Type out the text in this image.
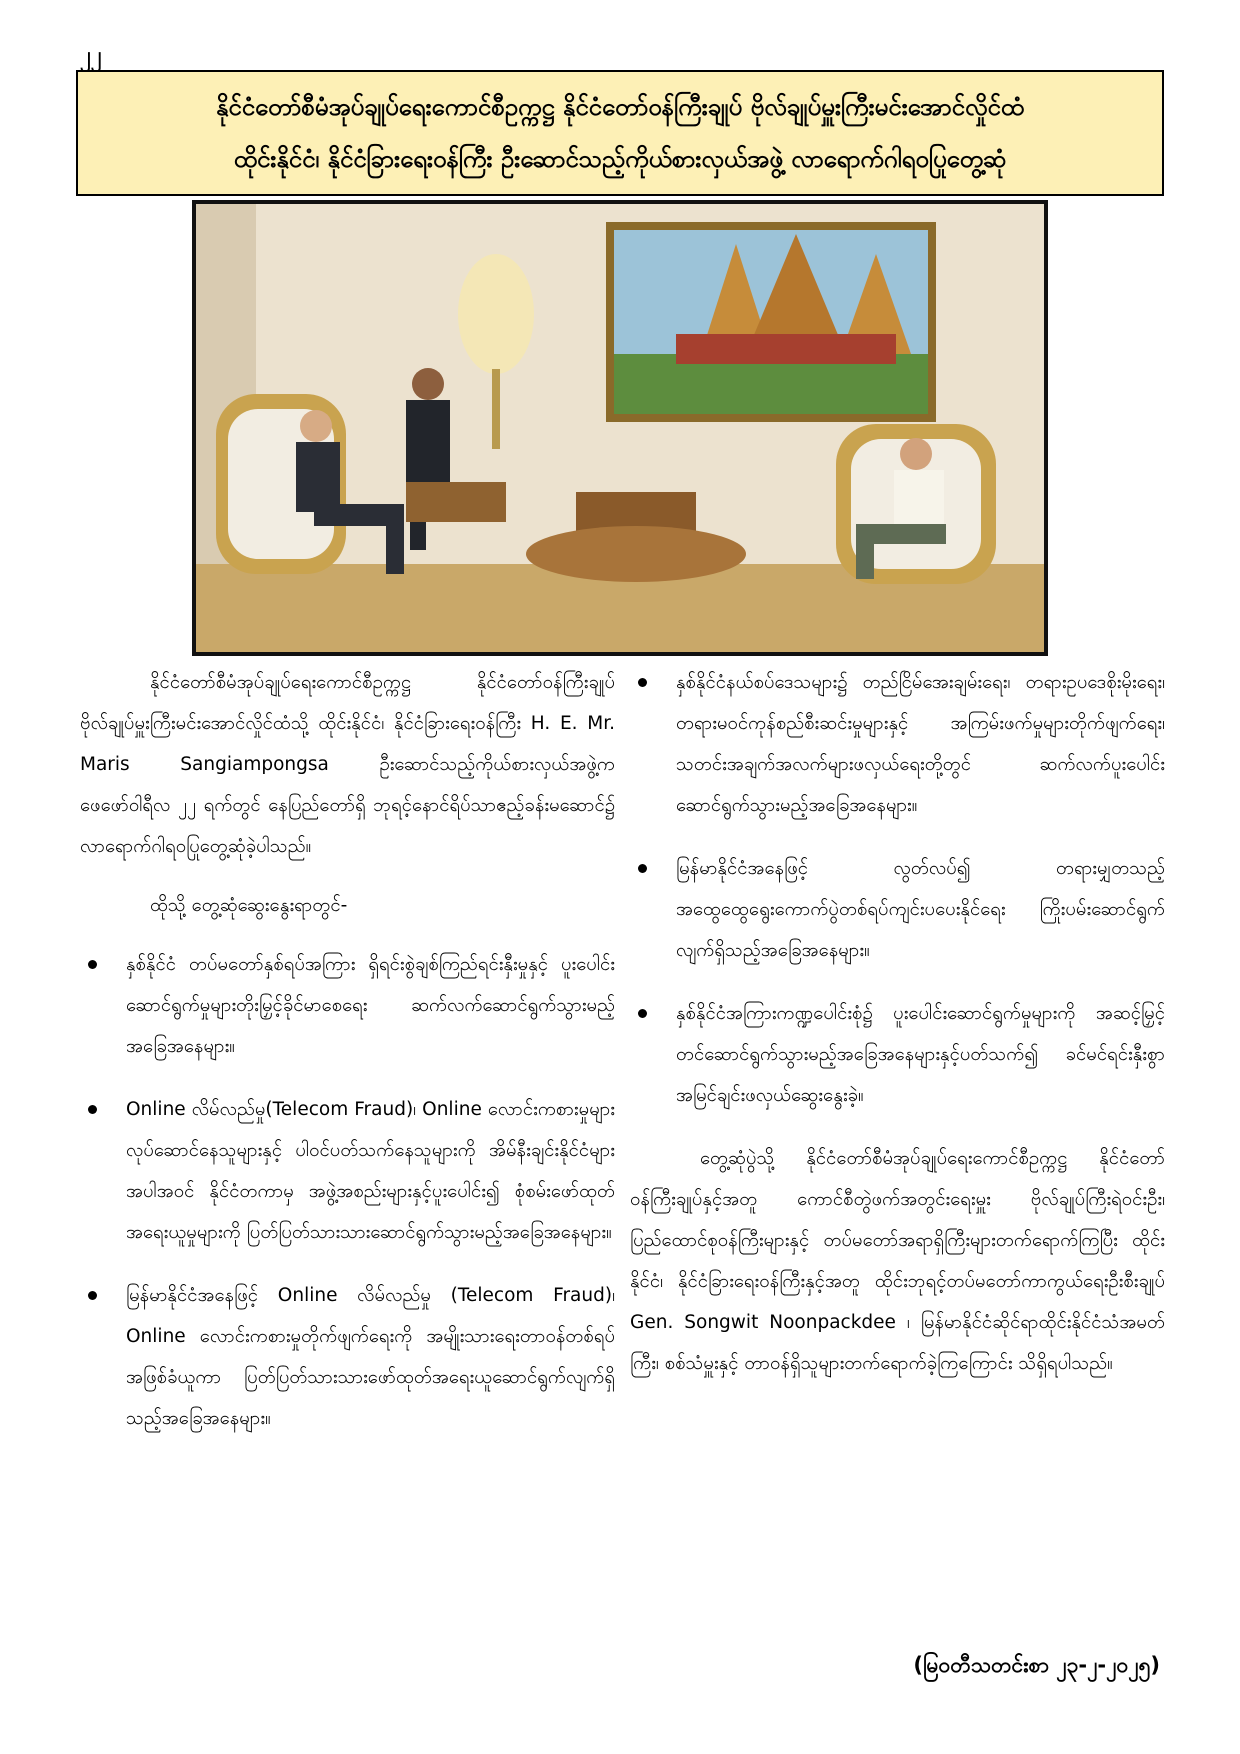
၂၂
နိုင်ငံတော်စီမံအုပ်ချုပ်ရေးကောင်စီဥက္ကဋ္ဌ နိုင်ငံတော်ဝန်ကြီးချုပ် ဗိုလ်ချုပ်မှူးကြီးမင်းအောင်လှိုင်ထံ
ထိုင်းနိုင်ငံ၊ နိုင်ငံခြားရေးဝန်ကြီး ဦးဆောင်သည့်ကိုယ်စားလှယ်အဖွဲ့ လာရောက်ဂါရဝပြုတွေ့ဆုံ

နိုင်ငံတော်စီမံအုပ်ချုပ်ရေးကောင်စီဥက္ကဋ္ဌ နိုင်ငံတော်ဝန်ကြီးချုပ် ဗိုလ်ချုပ်မှူးကြီးမင်းအောင်လှိုင်ထံသို့ ထိုင်းနိုင်ငံ၊ နိုင်ငံခြားရေးဝန်ကြီး H. E. Mr. Maris Sangiampongsa ဦးဆောင်သည့်ကိုယ်စားလှယ်အဖွဲ့က ဖေဖော်ဝါရီလ ၂၂ ရက်တွင် နေပြည်တော်ရှိ ဘုရင့်နောင်ရိပ်သာဧည့်ခန်းမဆောင်၌ လာရောက်ဂါရဝပြုတွေ့ဆုံခဲ့ပါသည်။

ထိုသို့ တွေ့ဆုံဆွေးနွေးရာတွင်-

နှစ်နိုင်ငံ တပ်မတော်နှစ်ရပ်အကြား ရှိရင်းစွဲချစ်ကြည်ရင်းနှီးမှုနှင့် ပူးပေါင်းဆောင်ရွက်မှုများတိုးမြှင့်ခိုင်မာစေရေး ဆက်လက်ဆောင်ရွက်သွားမည့်အခြေအနေများ။
Online လိမ်လည်မှု(Telecom Fraud)၊ Online လောင်းကစားမှုများလုပ်ဆောင်နေသူများနှင့် ပါဝင်ပတ်သက်နေသူများကို အိမ်နီးချင်းနိုင်ငံများအပါအဝင် နိုင်ငံတကာမှ အဖွဲ့အစည်းများနှင့်ပူးပေါင်း၍ စုံစမ်းဖော်ထုတ်အရေးယူမှုများကို ပြတ်ပြတ်သားသားဆောင်ရွက်သွားမည့်အခြေအနေများ။
မြန်မာနိုင်ငံအနေဖြင့် Online လိမ်လည်မှု (Telecom Fraud)၊ Online လောင်းကစားမှုတိုက်ဖျက်ရေးကို အမျိုးသားရေးတာဝန်တစ်ရပ်အဖြစ်ခံယူကာ ပြတ်ပြတ်သားသားဖော်ထုတ်အရေးယူဆောင်ရွက်လျက်ရှိသည့်အခြေအနေများ။
နှစ်နိုင်ငံနယ်စပ်ဒေသများ၌ တည်ငြိမ်အေးချမ်းရေး၊ တရားဥပဒေစိုးမိုးရေး၊ တရားမဝင်ကုန်စည်စီးဆင်းမှုများနှင့် အကြမ်းဖက်မှုများတိုက်ဖျက်ရေး၊ သတင်းအချက်အလက်များဖလှယ်ရေးတို့တွင် ဆက်လက်ပူးပေါင်းဆောင်ရွက်သွားမည့်အခြေအနေများ။
မြန်မာနိုင်ငံအနေဖြင့် လွတ်လပ်၍ တရားမျှတသည့် အထွေထွေရွေးကောက်ပွဲတစ်ရပ်ကျင်းပပေးနိုင်ရေး ကြိုးပမ်းဆောင်ရွက်လျက်ရှိသည့်အခြေအနေများ။
နှစ်နိုင်ငံအကြားကဏ္ဍပေါင်းစုံ၌ ပူးပေါင်းဆောင်ရွက်မှုများကို အဆင့်မြှင့်တင်ဆောင်ရွက်သွားမည့်အခြေအနေများနှင့်ပတ်သက်၍ ခင်မင်ရင်းနှီးစွာအမြင်ချင်းဖလှယ်ဆွေးနွေးခဲ့။

တွေ့ဆုံပွဲသို့ နိုင်ငံတော်စီမံအုပ်ချုပ်ရေးကောင်စီဥက္ကဋ္ဌ နိုင်ငံတော်ဝန်ကြီးချုပ်နှင့်အတူ ကောင်စီတွဲဖက်အတွင်းရေးမှူး ဗိုလ်ချုပ်ကြီးရဲဝင်းဦး၊ ပြည်ထောင်စုဝန်ကြီးများနှင့် တပ်မတော်အရာရှိကြီးများတက်ရောက်ကြပြီး ထိုင်းနိုင်ငံ၊ နိုင်ငံခြားရေးဝန်ကြီးနှင့်အတူ ထိုင်းဘုရင့်တပ်မတော်ကာကွယ်ရေးဦးစီးချုပ် Gen. Songwit Noonpackdee ၊ မြန်မာနိုင်ငံဆိုင်ရာထိုင်းနိုင်ငံသံအမတ်ကြီး၊ စစ်သံမှူးနှင့် တာဝန်ရှိသူများတက်ရောက်ခဲ့ကြကြောင်း သိရှိရပါသည်။

(မြဝတီသတင်းစာ ၂၃-၂-၂၀၂၅)
